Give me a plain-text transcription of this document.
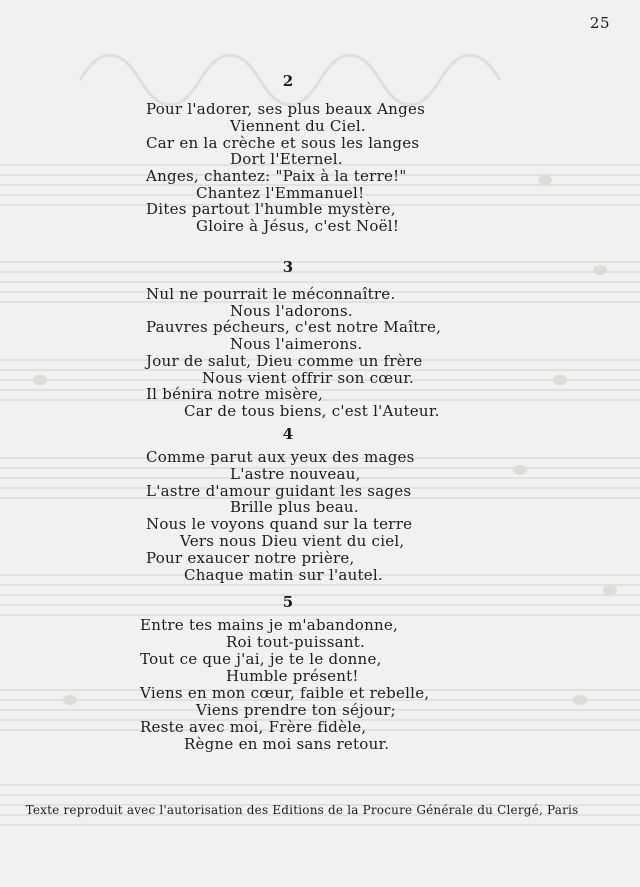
25
2
Pour l'adorer, ses plus beaux Anges
Viennent du Ciel.
Car en la crèche et sous les langes
Dort l'Eternel.
Anges, chantez: "Paix à la terre!"
Chantez l'Emmanuel!
Dites partout l'humble mystère,
Gloire à Jésus, c'est Noël!
3
Nul ne pourrait le méconnaître.
Nous l'adorons.
Pauvres pécheurs, c'est notre Maître,
Nous l'aimerons.
Jour de salut, Dieu comme un frère
Nous vient offrir son cœur.
Il bénira notre misère,
Car de tous biens, c'est l'Auteur.
4
Comme parut aux yeux des mages
L'astre nouveau,
L'astre d'amour guidant les sages
Brille plus beau.
Nous le voyons quand sur la terre
Vers nous Dieu vient du ciel,
Pour exaucer notre prière,
Chaque matin sur l'autel.
5
Entre tes mains je m'abandonne,
Roi tout-puissant.
Tout ce que j'ai, je te le donne,
Humble présent!
Viens en mon cœur, faible et rebelle,
Viens prendre ton séjour;
Reste avec moi, Frère fidèle,
Règne en moi sans retour.
Texte reproduit avec l'autorisation des Editions de la Procure Générale du Clergé, Paris
